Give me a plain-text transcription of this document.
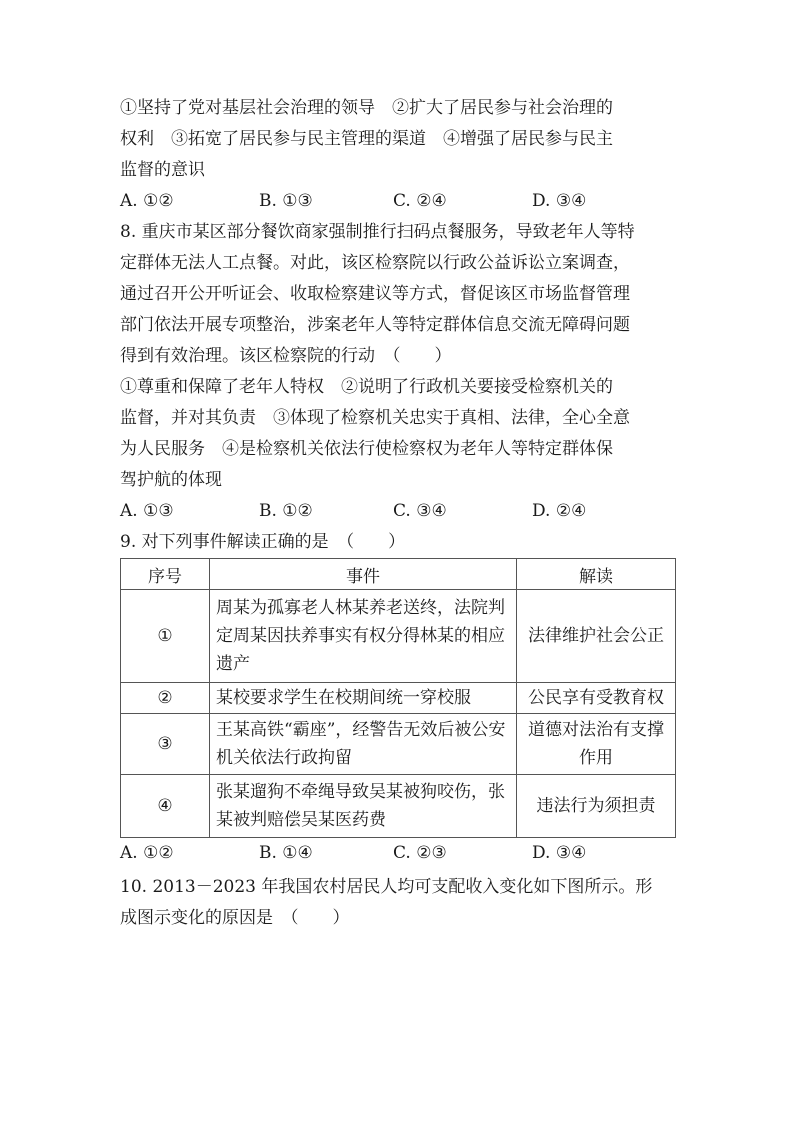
①坚持了党对基层社会治理的领导　②扩大了居民参与社会治理的
权利　③拓宽了居民参与民主管理的渠道　④增强了居民参与民主
监督的意识
A. ①②	B. ①③	C. ②④	D. ③④
8. 重庆市某区部分餐饮商家强制推行扫码点餐服务，导致老年人等特
定群体无法人工点餐。对此，该区检察院以行政公益诉讼立案调查，
通过召开公开听证会、收取检察建议等方式，督促该区市场监督管理
部门依法开展专项整治，涉案老年人等特定群体信息交流无障碍问题
得到有效治理。该区检察院的行动　（　　）
①尊重和保障了老年人特权　②说明了行政机关要接受检察机关的
监督，并对其负责　③体现了检察机关忠实于真相、法律，全心全意
为人民服务　④是检察机关依法行使检察权为老年人等特定群体保
驾护航的体现
A. ①③	B. ①②	C. ③④	D. ②④
9. 对下列事件解读正确的是　（　　）
序号	事件	解读
①	周某为孤寡老人林某养老送终，法院判定周某因扶养事实有权分得林某的相应遗产	法律维护社会公正
②	某校要求学生在校期间统一穿校服	公民享有受教育权
③	王某高铁“霸座”，经警告无效后被公安机关依法行政拘留	道德对法治有支撑作用
④	张某遛狗不牵绳导致吴某被狗咬伤，张某被判赔偿吴某医药费	违法行为须担责
A. ①②	B. ①④	C. ②③	D. ③④
10. 2013－2023 年我国农村居民人均可支配收入变化如下图所示。形
成图示变化的原因是　（　　）
